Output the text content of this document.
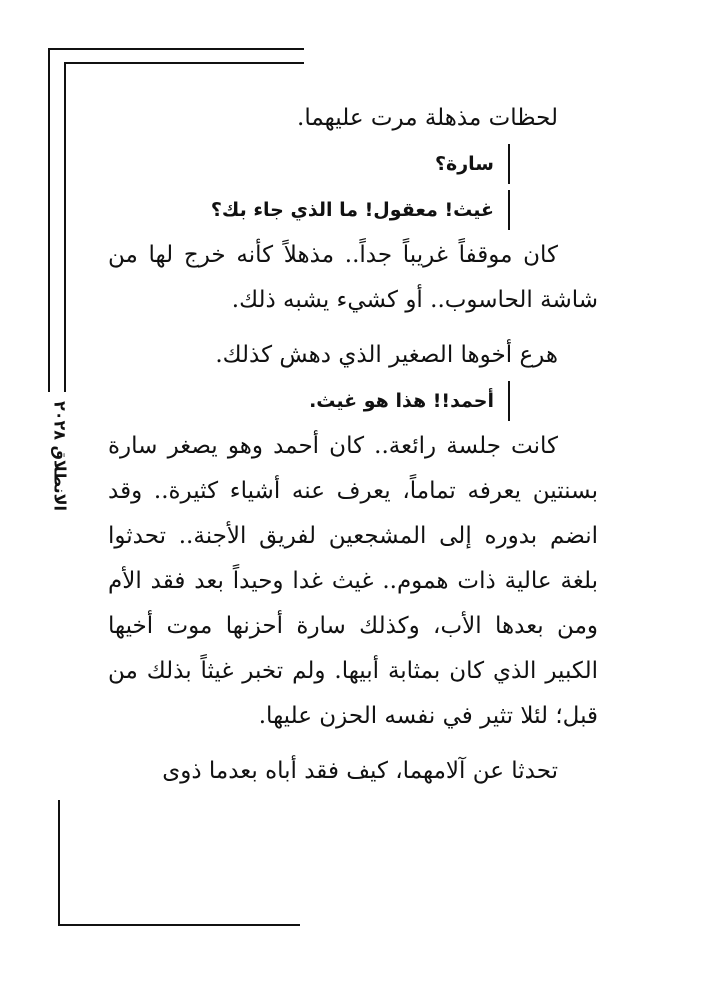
الانطلاق ٢٠٢٨

لحظات مذهلة مرت عليهما.

سارة؟
غيث! معقول! ما الذي جاء بك؟

كان موقفاً غريباً جداً.. مذهلاً كأنه خرج لها من شاشة الحاسوب.. أو كشيء يشبه ذلك.

هرع أخوها الصغير الذي دهش كذلك.

أحمد!! هذا هو غيث.

كانت جلسة رائعة.. كان أحمد وهو يصغر سارة بسنتين يعرفه تماماً، يعرف عنه أشياء كثيرة.. وقد انضم بدوره إلى المشجعين لفريق الأجنة.. تحدثوا بلغة عالية ذات هموم.. غيث غدا وحيداً بعد فقد الأم ومن بعدها الأب، وكذلك سارة أحزنها موت أخيها الكبير الذي كان بمثابة أبيها. ولم تخبر غيثاً بذلك من قبل؛ لئلا تثير في نفسه الحزن عليها.

تحدثا عن آلامهما، كيف فقد أباه بعدما ذوى
